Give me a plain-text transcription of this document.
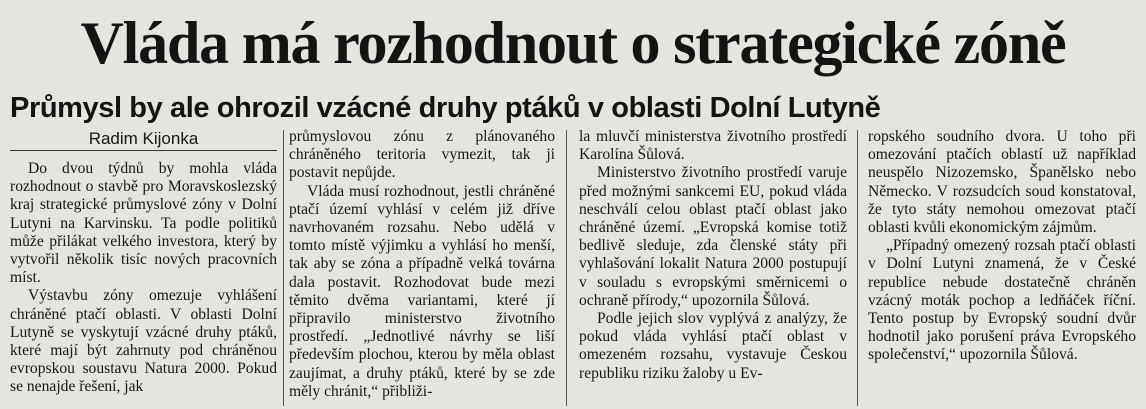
Vláda má rozhodnout o strategické zóně
Průmysl by ale ohrozil vzácné druhy ptáků v oblasti Dolní Lutyně
Radim Kijonka

Do dvou týdnů by mohla vláda rozhodnout o stavbě pro Moravskoslezský kraj strategické průmyslové zóny v Dolní Lutyni na Karvinsku. Ta podle politiků může přilákat velkého investora, který by vytvořil několik tisíc nových pracovních míst.

Výstavbu zóny omezuje vyhlášení chráněné ptačí oblasti. V oblasti Dolní Lutyně se vyskytují vzácné druhy ptáků, které mají být zahrnuty pod chráněnou evropskou soustavu Natura 2000. Pokud se nenajde řešení, jak

průmyslovou zónu z plánovaného chráněného teritoria vymezit, tak ji postavit nepůjde.

Vláda musí rozhodnout, jestli chráněné ptačí území vyhlásí v celém již dříve navrhovaném rozsahu. Nebo udělá v tomto místě výjimku a vyhlásí ho menší, tak aby se zóna a případně velká továrna dala postavit. Rozhodovat bude mezi těmito dvěma variantami, které jí připravilo ministerstvo životního prostředí. „Jednotlivé návrhy se liší především plochou, kterou by měla oblast zaujímat, a druhy ptáků, které by se zde měly chránit,“ přibliži-

la mluvčí ministerstva životního prostředí Karolína Šůlová.

Ministerstvo životního prostředí varuje před možnými sankcemi EU, pokud vláda neschválí celou oblast ptačí oblast jako chráněné území. „Evropská komise totiž bedlivě sleduje, zda členské státy při vyhlašování lokalit Natura 2000 postupují v souladu s evropskými směrnicemi o ochraně přírody,“ upozornila Šůlová.

Podle jejich slov vyplývá z analýzy, že pokud vláda vyhlásí ptačí oblast v omezeném rozsahu, vystavuje Českou republiku riziku žaloby u Ev-

ropského soudního dvora. U toho při omezování ptačích oblastí už například neuspělo Nizozemsko, Španělsko nebo Německo. V rozsudcích soud konstatoval, že tyto státy nemohou omezovat ptačí oblasti kvůli ekonomickým zájmům.

„Případný omezený rozsah ptačí oblasti v Dolní Lutyni znamená, že v České republice nebude dostatečně chráněn vzácný moták pochop a ledňáček říční. Tento postup by Evropský soudní dvůr hodnotil jako porušení práva Evropského společenství,“ upozornila Šůlová.
